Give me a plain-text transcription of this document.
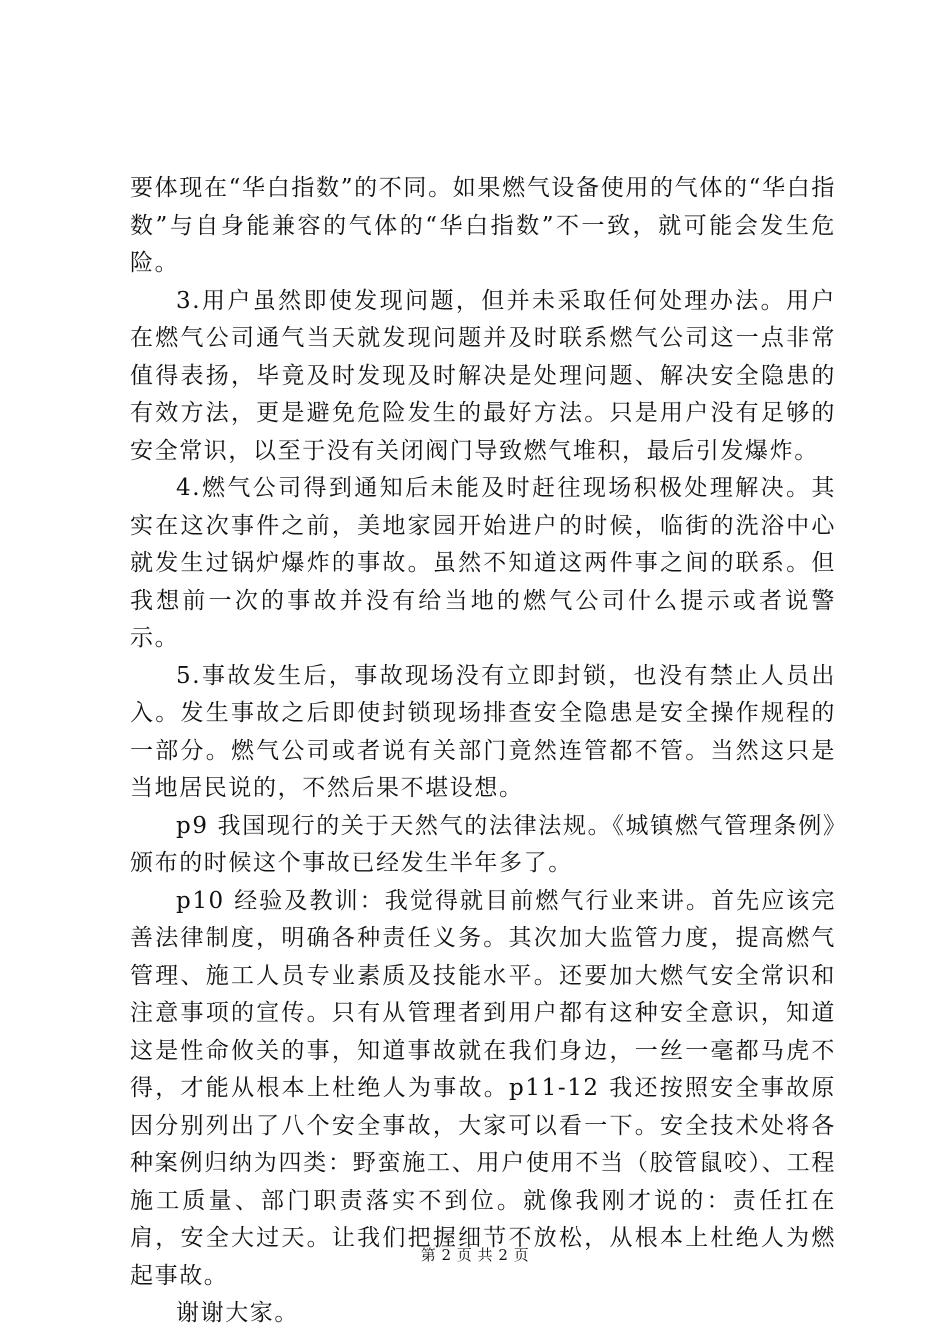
要体现在“华白指数”的不同。如果燃气设备使用的气体的“华白指数”与自身能兼容的气体的“华白指数”不一致，就可能会发生危险。

3.用户虽然即使发现问题，但并未采取任何处理办法。用户在燃气公司通气当天就发现问题并及时联系燃气公司这一点非常值得表扬，毕竟及时发现及时解决是处理问题、解决安全隐患的有效方法，更是避免危险发生的最好方法。只是用户没有足够的安全常识，以至于没有关闭阀门导致燃气堆积，最后引发爆炸。

4.燃气公司得到通知后未能及时赶往现场积极处理解决。其实在这次事件之前，美地家园开始进户的时候，临街的洗浴中心就发生过锅炉爆炸的事故。虽然不知道这两件事之间的联系。但我想前一次的事故并没有给当地的燃气公司什么提示或者说警示。

5.事故发生后，事故现场没有立即封锁，也没有禁止人员出入。发生事故之后即使封锁现场排查安全隐患是安全操作规程的一部分。燃气公司或者说有关部门竟然连管都不管。当然这只是当地居民说的，不然后果不堪设想。

p9 我国现行的关于天然气的法律法规。《城镇燃气管理条例》颁布的时候这个事故已经发生半年多了。

p10 经验及教训：我觉得就目前燃气行业来讲。首先应该完善法律制度，明确各种责任义务。其次加大监管力度，提高燃气管理、施工人员专业素质及技能水平。还要加大燃气安全常识和注意事项的宣传。只有从管理者到用户都有这种安全意识，知道这是性命攸关的事，知道事故就在我们身边，一丝一毫都马虎不得，才能从根本上杜绝人为事故。p11-12 我还按照安全事故原因分别列出了八个安全事故，大家可以看一下。安全技术处将各种案例归纳为四类：野蛮施工、用户使用不当（胶管鼠咬）、工程施工质量、部门职责落实不到位。就像我刚才说的：责任扛在肩，安全大过天。让我们把握细节不放松，从根本上杜绝人为燃起事故。

谢谢大家。

第 2 页 共 2 页
